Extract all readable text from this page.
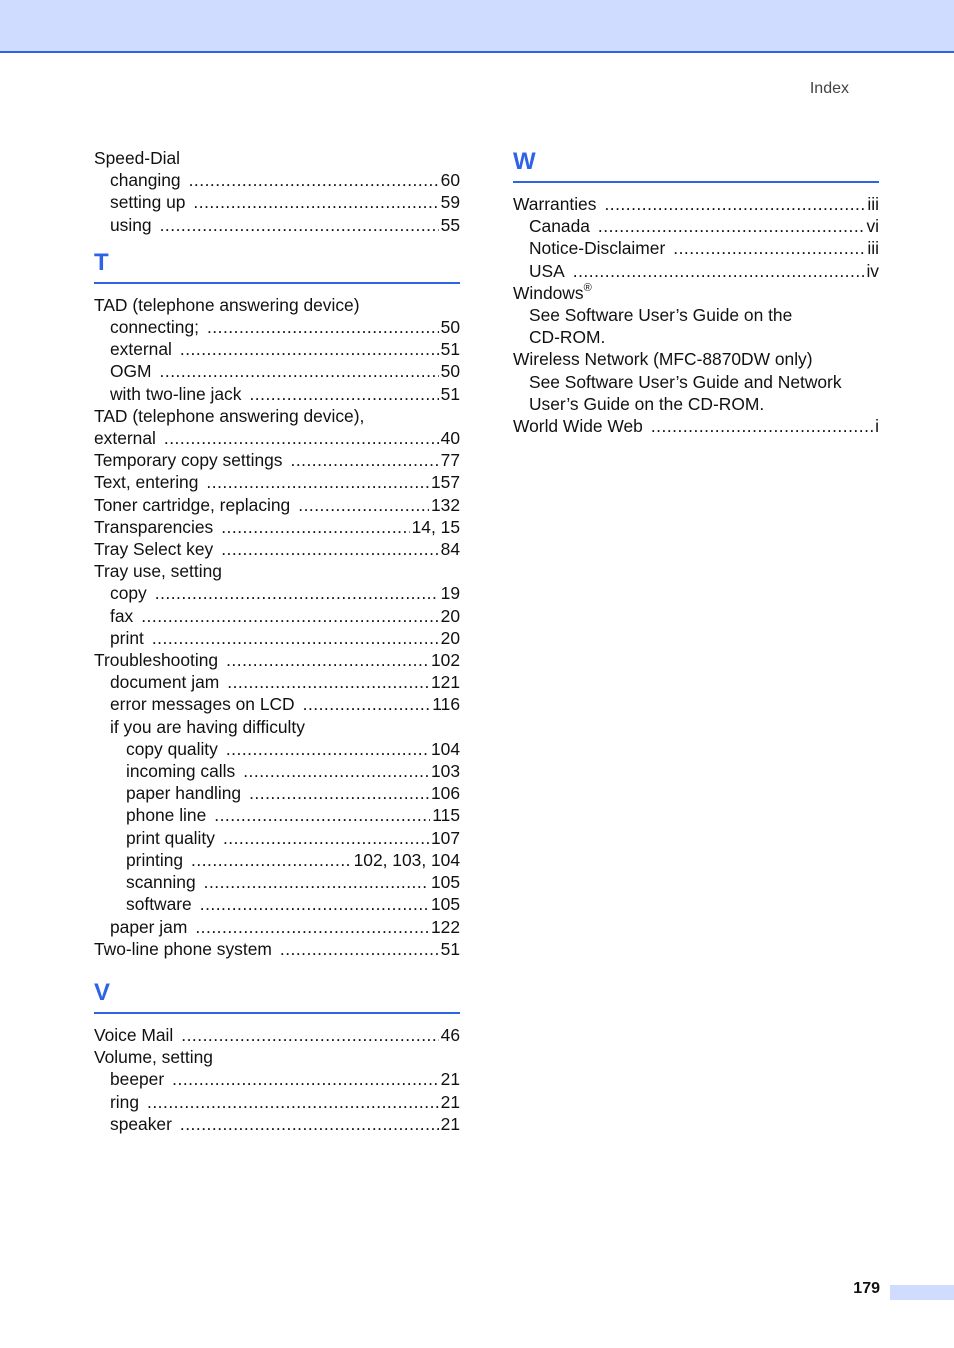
Index
Speed-Dial
changing .....	60
setting up .....	59
using .....	55
T
TAD (telephone answering device)
connecting; .....	50
external .....	51
OGM .....	50
with two-line jack .....	51
TAD (telephone answering device),
external .....	40
Temporary copy settings .....	77
Text, entering .....	157
Toner cartridge, replacing .....	132
Transparencies .....	14, 15
Tray Select key .....	84
Tray use, setting
copy .....	19
fax .....	20
print .....	20
Troubleshooting .....	102
document jam .....	121
error messages on LCD .....	116
if you are having difficulty
copy quality .....	104
incoming calls .....	103
paper handling .....	106
phone line .....	115
print quality .....	107
printing .....	102, 103, 104
scanning .....	105
software .....	105
paper jam .....	122
Two-line phone system .....	51
V
Voice Mail .....	46
Volume, setting
beeper .....	21
ring .....	21
speaker .....	21
W
Warranties .....	iii
Canada .....	vi
Notice-Disclaimer .....	iii
USA .....	iv
Windows®
See Software User’s Guide on the
CD-ROM.
Wireless Network (MFC-8870DW only)
See Software User’s Guide and Network
User’s Guide on the CD-ROM.
World Wide Web .....	i
179
